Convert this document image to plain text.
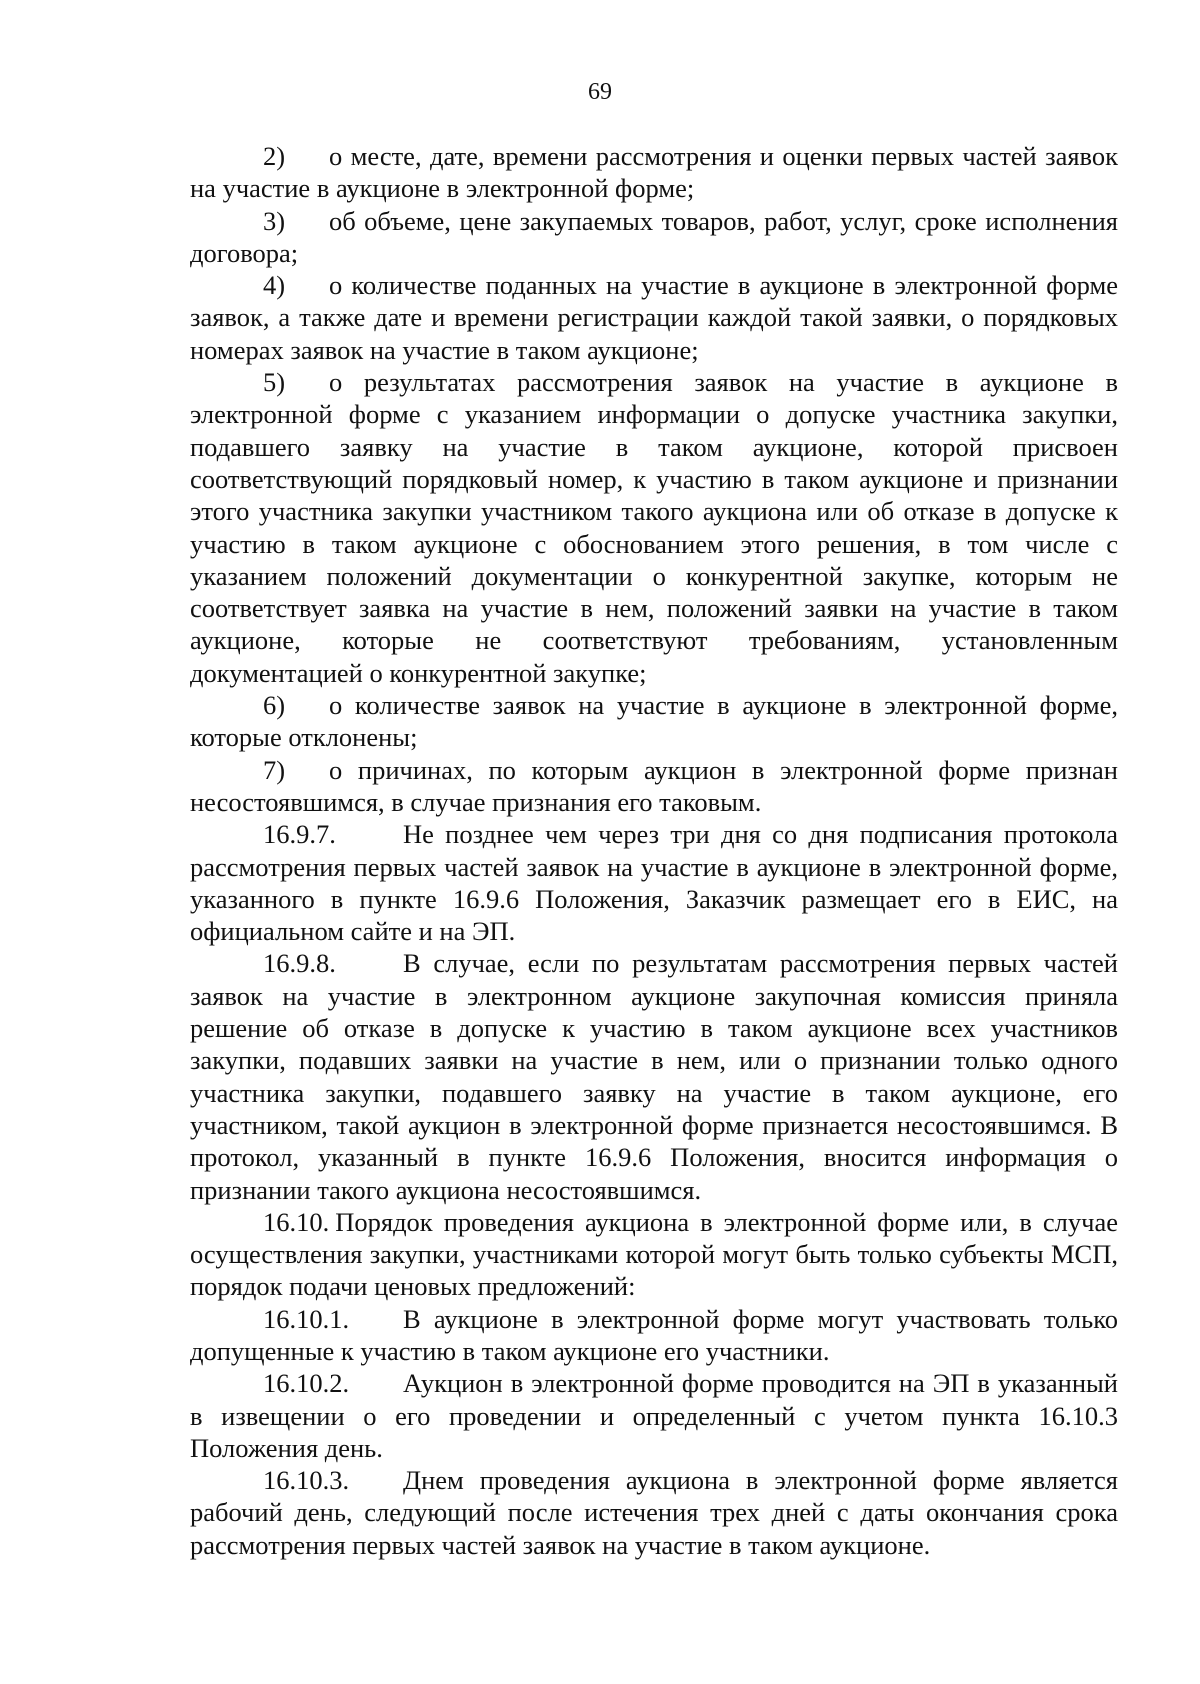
69

2) о месте, дате, времени рассмотрения и оценки первых частей заявок на участие в аукционе в электронной форме;

3) об объеме, цене закупаемых товаров, работ, услуг, сроке исполнения договора;

4) о количестве поданных на участие в аукционе в электронной форме заявок, а также дате и времени регистрации каждой такой заявки, о порядковых номерах заявок на участие в таком аукционе;

5) о результатах рассмотрения заявок на участие в аукционе в электронной форме с указанием информации о допуске участника закупки, подавшего заявку на участие в таком аукционе, которой присвоен соответствующий порядковый номер, к участию в таком аукционе и признании этого участника закупки участником такого аукциона или об отказе в допуске к участию в таком аукционе с обоснованием этого решения, в том числе с указанием положений документации о конкурентной закупке, которым не соответствует заявка на участие в нем, положений заявки на участие в таком аукционе, которые не соответствуют требованиям, установленным документацией о конкурентной закупке;

6) о количестве заявок на участие в аукционе в электронной форме, которые отклонены;

7) о причинах, по которым аукцион в электронной форме признан несостоявшимся, в случае признания его таковым.

16.9.7.	Не позднее чем через три дня со дня подписания протокола рассмотрения первых частей заявок на участие в аукционе в электронной форме, указанного в пункте 16.9.6 Положения, Заказчик размещает его в ЕИС, на официальном сайте и на ЭП.

16.9.8.	В случае, если по результатам рассмотрения первых частей заявок на участие в электронном аукционе закупочная комиссия приняла решение об отказе в допуске к участию в таком аукционе всех участников закупки, подавших заявки на участие в нем, или о признании только одного участника закупки, подавшего заявку на участие в таком аукционе, его участником, такой аукцион в электронной форме признается несостоявшимся. В протокол, указанный в пункте 16.9.6 Положения, вносится информация о признании такого аукциона несостоявшимся.

16.10. Порядок проведения аукциона в электронной форме или, в случае осуществления закупки, участниками которой могут быть только субъекты МСП, порядок подачи ценовых предложений:

16.10.1. В аукционе в электронной форме могут участвовать только допущенные к участию в таком аукционе его участники.

16.10.2. Аукцион в электронной форме проводится на ЭП в указанный в извещении о его проведении и определенный с учетом пункта 16.10.3 Положения день.

16.10.3. Днем проведения аукциона в электронной форме является рабочий день, следующий после истечения трех дней с даты окончания срока рассмотрения первых частей заявок на участие в таком аукционе.
